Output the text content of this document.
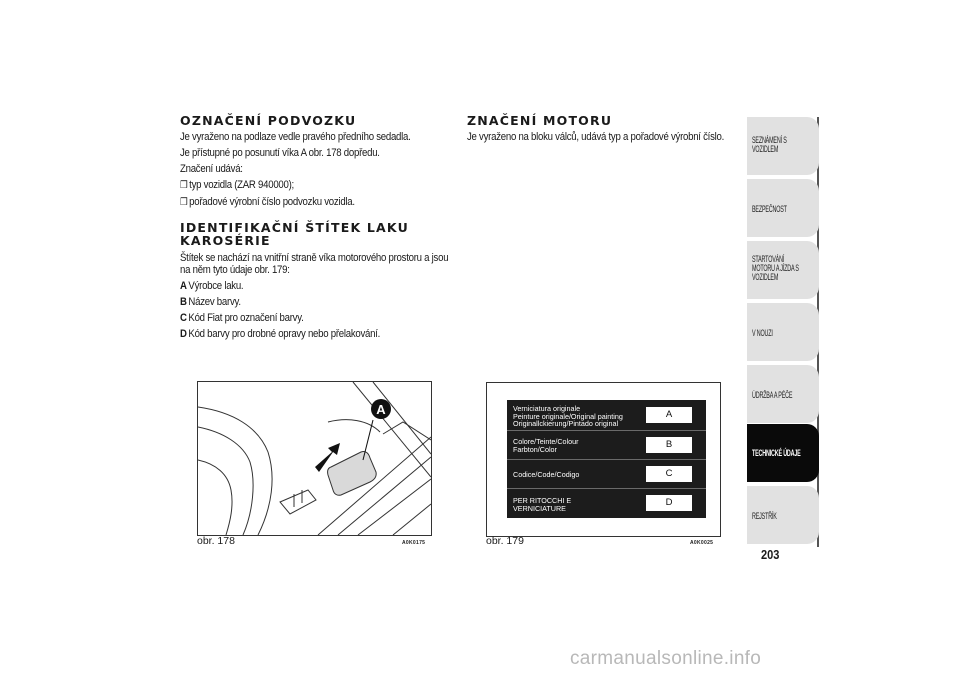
OZNAČENÍ PODVOZKU

Je vyraženo na podlaze vedle pravého předního sedadla.

Je přístupné po posunutí víka A obr. 178 dopředu.

Značení udává:

❒ typ vozidla (ZAR 940000);

❒ pořadové výrobní číslo podvozku vozidla.

IDENTIFIKAČNÍ ŠTÍTEK LAKU
KAROSÉRIE

Štítek se nachází na vnitřní straně víka motorového prostoru a jsou na něm tyto údaje obr. 179:

A Výrobce laku.

B Název barvy.

C Kód Fiat pro označení barvy.

D Kód barvy pro drobné opravy nebo přelakování.

ZNAČENÍ MOTORU

Je vyraženo na bloku válců, udává typ a pořadové výrobní číslo.

A
obr. 178	A0K0175
Verniciatura originale
Peinture originale/Original painting
Originallckierung/Pintado original
A
Colore/Teinte/Colour
Farbton/Color	B
Codice/Code/Codigo	C
PER RITOCCHI E
VERNICIATURE
D
obr. 179	A0K0025
SEZNÁMENÍ S
VOZIDLEM
BEZPEČNOST
STARTOVÁNÍ
MOTORU A JÍZDA S
VOZIDLEM
V NOUZI
ÚDRŽBA A PÉČE
TECHNICKÉ ÚDAJE
REJSTŘÍK
203
carmanualsonline.info
